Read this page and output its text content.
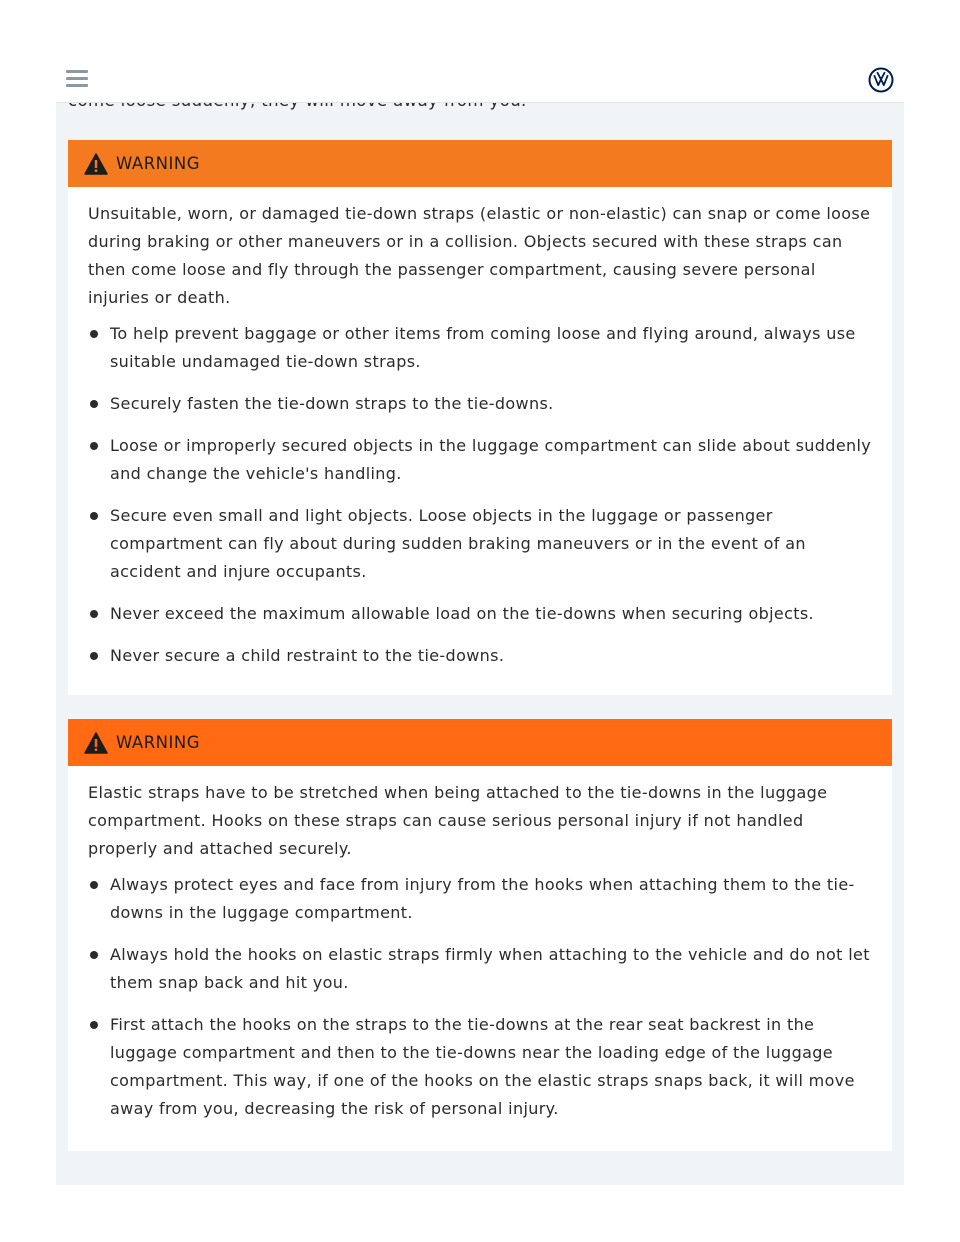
WARNING

Unsuitable, worn, or damaged tie-down straps (elastic or non-elastic) can snap or come loose during braking or other maneuvers or in a collision. Objects secured with these straps can then come loose and fly through the passenger compartment, causing severe personal injuries or death.

To help prevent baggage or other items from coming loose and flying around, always use suitable undamaged tie-down straps.
Securely fasten the tie-down straps to the tie-downs.
Loose or improperly secured objects in the luggage compartment can slide about suddenly and change the vehicle's handling.
Secure even small and light objects. Loose objects in the luggage or passenger compartment can fly about during sudden braking maneuvers or in the event of an accident and injure occupants.
Never exceed the maximum allowable load on the tie-downs when securing objects.
Never secure a child restraint to the tie-downs.
WARNING

Elastic straps have to be stretched when being attached to the tie-downs in the luggage compartment. Hooks on these straps can cause serious personal injury if not handled properly and attached securely.

Always protect eyes and face from injury from the hooks when attaching them to the tie-downs in the luggage compartment.
Always hold the hooks on elastic straps firmly when attaching to the vehicle and do not let them snap back and hit you.
First attach the hooks on the straps to the tie-downs at the rear seat backrest in the luggage compartment and then to the tie-downs near the loading edge of the luggage compartment. This way, if one of the hooks on the elastic straps snaps back, it will move away from you, decreasing the risk of personal injury.
